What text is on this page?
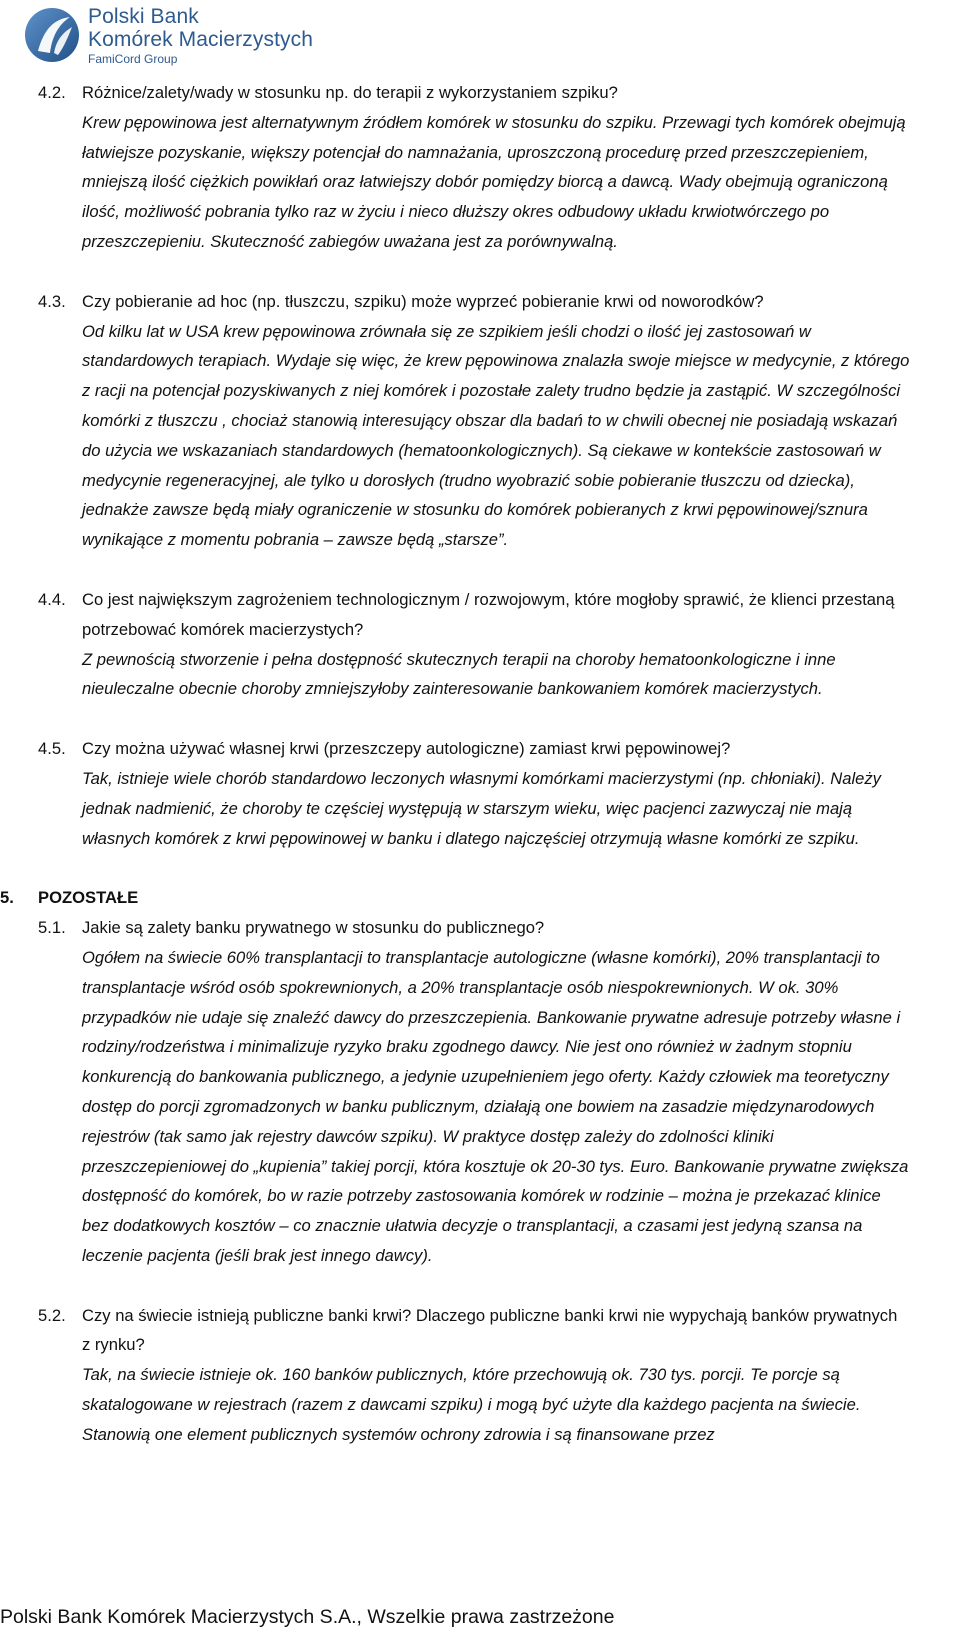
Polski Bank
Komórek Macierzystych
FamiCord Group
4.2. Różnice/zalety/wady w stosunku np. do terapii z wykorzystaniem szpiku?
Krew pępowinowa jest alternatywnym źródłem komórek w stosunku do szpiku. Przewagi tych komórek obejmują łatwiejsze pozyskanie, większy potencjał do namnażania, uproszczoną procedurę przed przeszczepieniem, mniejszą ilość ciężkich powikłań oraz łatwiejszy dobór pomiędzy biorcą a dawcą. Wady obejmują ograniczoną ilość, możliwość pobrania tylko raz w życiu i nieco dłuższy okres odbudowy układu krwiotwórczego po przeszczepieniu. Skuteczność zabiegów uważana jest za porównywalną.
4.3. Czy pobieranie ad hoc (np. tłuszczu, szpiku) może wyprzeć pobieranie krwi od noworodków?
Od kilku lat w USA krew pępowinowa zrównała się ze szpikiem jeśli chodzi o ilość jej zastosowań w standardowych terapiach. Wydaje się więc, że krew pępowinowa znalazła swoje miejsce w medycynie, z którego z racji na potencjał pozyskiwanych z niej komórek i pozostałe zalety trudno będzie ja zastąpić. W szczególności komórki z tłuszczu , chociaż stanowią interesujący obszar dla badań to w chwili obecnej nie posiadają wskazań do użycia we wskazaniach standardowych (hematoonkologicznych). Są ciekawe w kontekście zastosowań w medycynie regeneracyjnej, ale tylko u dorosłych (trudno wyobrazić sobie pobieranie tłuszczu od dziecka), jednakże zawsze będą miały ograniczenie w stosunku do komórek pobieranych z krwi pępowinowej/sznura wynikające z momentu pobrania – zawsze będą „starsze”.
4.4. Co jest największym zagrożeniem technologicznym / rozwojowym, które mogłoby sprawić, że klienci przestaną potrzebować komórek macierzystych?
Z pewnością stworzenie i pełna dostępność skutecznych terapii na choroby hematoonkologiczne i inne nieuleczalne obecnie choroby zmniejszyłoby zainteresowanie bankowaniem komórek macierzystych.
4.5. Czy można używać własnej krwi (przeszczepy autologiczne) zamiast krwi pępowinowej?
Tak, istnieje wiele chorób standardowo leczonych własnymi komórkami macierzystymi (np. chłoniaki). Należy jednak nadmienić, że choroby te częściej występują w starszym wieku, więc pacjenci zazwyczaj nie mają własnych komórek z krwi pępowinowej w banku i dlatego najczęściej otrzymują własne komórki ze szpiku.
5.	POZOSTAŁE
5.1. Jakie są zalety banku prywatnego w stosunku do publicznego?
Ogółem na świecie 60% transplantacji to transplantacje autologiczne (własne komórki), 20% transplantacji to transplantacje wśród osób spokrewnionych, a 20% transplantacje osób niespokrewnionych. W ok. 30% przypadków nie udaje się znaleźć dawcy do przeszczepienia. Bankowanie prywatne adresuje potrzeby własne i rodziny/rodzeństwa i minimalizuje ryzyko braku zgodnego dawcy. Nie jest ono również w żadnym stopniu konkurencją do bankowania publicznego, a jedynie uzupełnieniem jego oferty. Każdy człowiek ma teoretyczny dostęp do porcji zgromadzonych w banku publicznym, działają one bowiem na zasadzie międzynarodowych rejestrów (tak samo jak rejestry dawców szpiku). W praktyce dostęp zależy do zdolności kliniki przeszczepieniowej do „kupienia” takiej porcji, która kosztuje ok 20-30 tys. Euro. Bankowanie prywatne zwiększa dostępność do komórek, bo w razie potrzeby zastosowania komórek w rodzinie – można je przekazać klinice bez dodatkowych kosztów – co znacznie ułatwia decyzje o transplantacji, a czasami jest jedyną szansa na leczenie pacjenta (jeśli brak jest innego dawcy).
5.2. Czy na świecie istnieją publiczne banki krwi? Dlaczego publiczne banki krwi nie wypychają banków prywatnych z rynku?
Tak, na świecie istnieje ok. 160 banków publicznych, które przechowują ok. 730 tys. porcji. Te porcje są skatalogowane w rejestrach (razem z dawcami szpiku) i mogą być użyte dla każdego pacjenta na świecie. Stanowią one element publicznych systemów ochrony zdrowia i są finansowane przez
Polski Bank Komórek Macierzystych S.A., Wszelkie prawa zastrzeżone
